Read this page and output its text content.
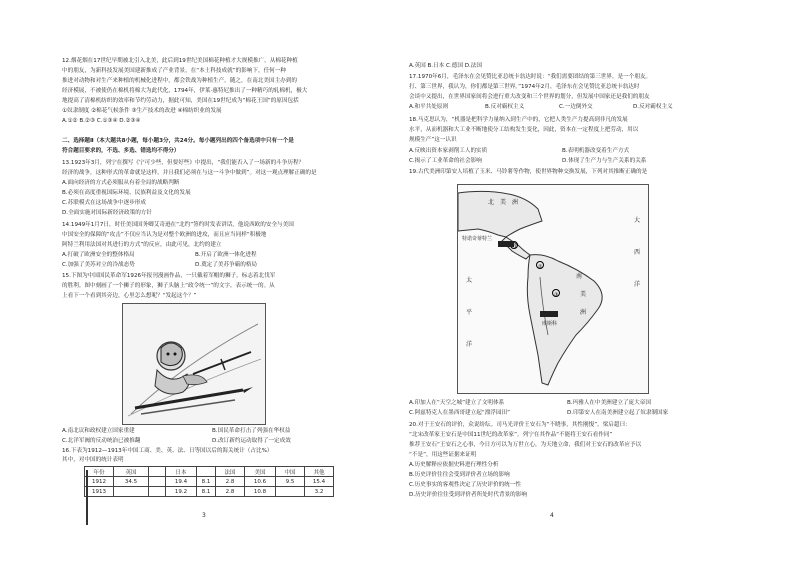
12.烟花烟在17世纪早期被北引入北美，此后到19世纪美国棉花种植才大规模推广，从棉花种植
中的朋友，为新科技发展美国建新推成了产业背景，在“本土科技成就”的影响下，任何一种
推进对动物和对生产来种植的机械化进程中，都会铁战为种植生产。随之，在南北美国主办到的
经济模展，不被使仍在棉机将棉大为此代化，1794年，伊莱·惠特尼推出了一种精巧的轧棉机，极大
地提高了清棉机纺织的效率和节约劳动力，据此可知，美国在19世纪成为“棉花王国”的原因包括
①奴隶制度 ②棉花气候条件 ③生产技术的改进 ④棉纺织业的发展
A.①② B.②③ C.①③④ D.②③④
二、选择题Ⅱ（本大题共8小题，每小题3分，共24分。每小题列出的四个备选项中只有一个是
符合题目要求的，不选、多选、错选均不得分）
13.1923年3月，列宁在撰写《宁可少些，但要好些》中提出，“我们能否入了一场新的斗争历程？
经济的战争，这种形式的革命就是这样，并且我们必须在与这一斗争中做到”。对这一观点理解正确的是
A.面向经济的方式必须服从有着全局的战略判断
B.必须在高度重视国际环境、民族利益及文化的发展
C.苏联模式在这场战争中逐步形成
D.全面实施对国际新经济政策的方针
14.1949年1月7日，时任美国国务卿艾奇逊在“北约”签约时发表讲话，他说西欧的安全与美国
中国安全的保障的“攻击”不仅应当认为是对整个欧洲的进攻，而且应当同样“积极地
阿特兰利用法国对其进行的方式”的反应，由此可见，北约的建立
A.打破了欧洲安全的整体格局	B.开启了欧洲一体化进程
C.加强了美苏对立的冷战态势	D.奠定了美苏争霸的格局
15.下图为中国国民革命军1926年报刊漫画作品，一只戴着军帽的狮子，标志着北伐军
的胜利。图中刻画了一个狮子的形象，狮子头脑上“政令统一”的文字，表示统一的。从
上看下一个看到其旁边，心里怎么想呢？“发起这个？”
A.南北议和政权建立国家重建	B.国民革命打击了列强在华权益
C.北洋军阀的反动统治已被推翻	D.改订新约运动取得了一定成效
16.下表为1912—1913年中国工商、美、英、法、日等国以后的海关统计（占比%）
其中，对中国的统计表明
年份	英国		日本		法国	美国	中国	其他
1912	34.5		19.4	8.1	2.8	10.6	9.5	15.4
1913			19.2	8.1	2.8	10.8		3.2
3
A.英国 B.日本 C.德国 D.法国
17.1970年6月，毛泽东在会见赞比亚总统卡翁达时说：“我们需要团结的第三世界，是一个朋友。
打、第三世界，我认为，你们都是第三世界。”1974年2月，毛泽东在会见赞比亚总统卡翁达时
会谈中又提出，在世界国家间将会进行重大改变和三个世界的划分，但发展中国家还是我们的朋友
A.和平共处原则	B.反对霸权主义	C.一边倒外交	D.反对霸权主义
18.马克思认为，“机器是把科学力量纳入到生产中的，它把人类生产力提高到非凡的发展
水平，从而机器和大工业不断地使分工结构发生变化，因此，资本在一定程度上把劳动，用以
规模生产”这一认识
A.反映出资本家剥削工人的实质	B.表明机器改变着生产方式
C.揭示了工业革命的社会影响	D.体现了生产力与生产关系的关系
19.古代美洲印第安人培植了玉米、马铃薯等作物，使世界物种交换发展，下列对其推断正确的是
①
②
③
北　美　洲
大
西
洋
太
平
洋
南
美
洲
特诺奇蒂特兰
库斯科
A.印加人在“天空之城”建立了文明体系	B.玛雅人在中美洲建立了庞大帝国
C.阿兹特克人在墨西哥建立起“漂浮园田”	D.印第安人在南美洲建立起了奴隶制国家
20.对于王安石的评价，众说纷纭。司马光评价王安石为“不晓事，其性刚愎”。梁启超曰：
“北宋改革家王安石是中国11世纪的改革家”。列宁在其作品“不能将王安石看作同”
推荐王安石“王安石之心事，今日方可以为万世立心，为天地立命，我们对王安石的改革应予以
“不是”，用这些证据来证明
A.历史解释应依据史料进行理性分析
B.历史评价往往会受到评价者立场的影响
C.历史事实的客观性决定了历史评价的统一性
D.历史评价往往受到评价者所处时代背景的影响
4
